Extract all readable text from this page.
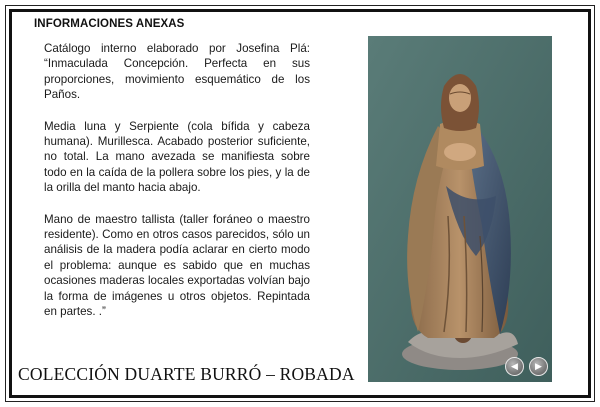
INFORMACIONES ANEXAS

Catálogo interno elaborado por Josefina Plá: “Inmaculada Concepción. Perfecta en sus proporciones, movimiento esquemático de los Paños.

Media luna y Serpiente (cola bífida y cabeza humana). Murillesca. Acabado posterior suficiente, no total. La mano avezada se manifiesta sobre todo en la caída de la pollera sobre los pies, y la de la orilla del manto hacia abajo.

Mano de maestro tallista (taller foráneo o maestro residente). Como en otros casos parecidos, sólo un análisis de la madera podía aclarar en cierto modo el problema: aunque es sabido que en muchas ocasiones maderas locales exportadas volvían bajo la forma de imágenes u otros objetos. Repintada en partes. .”

COLECCIÓN DUARTE BURRÓ – ROBADA	◀	▶
